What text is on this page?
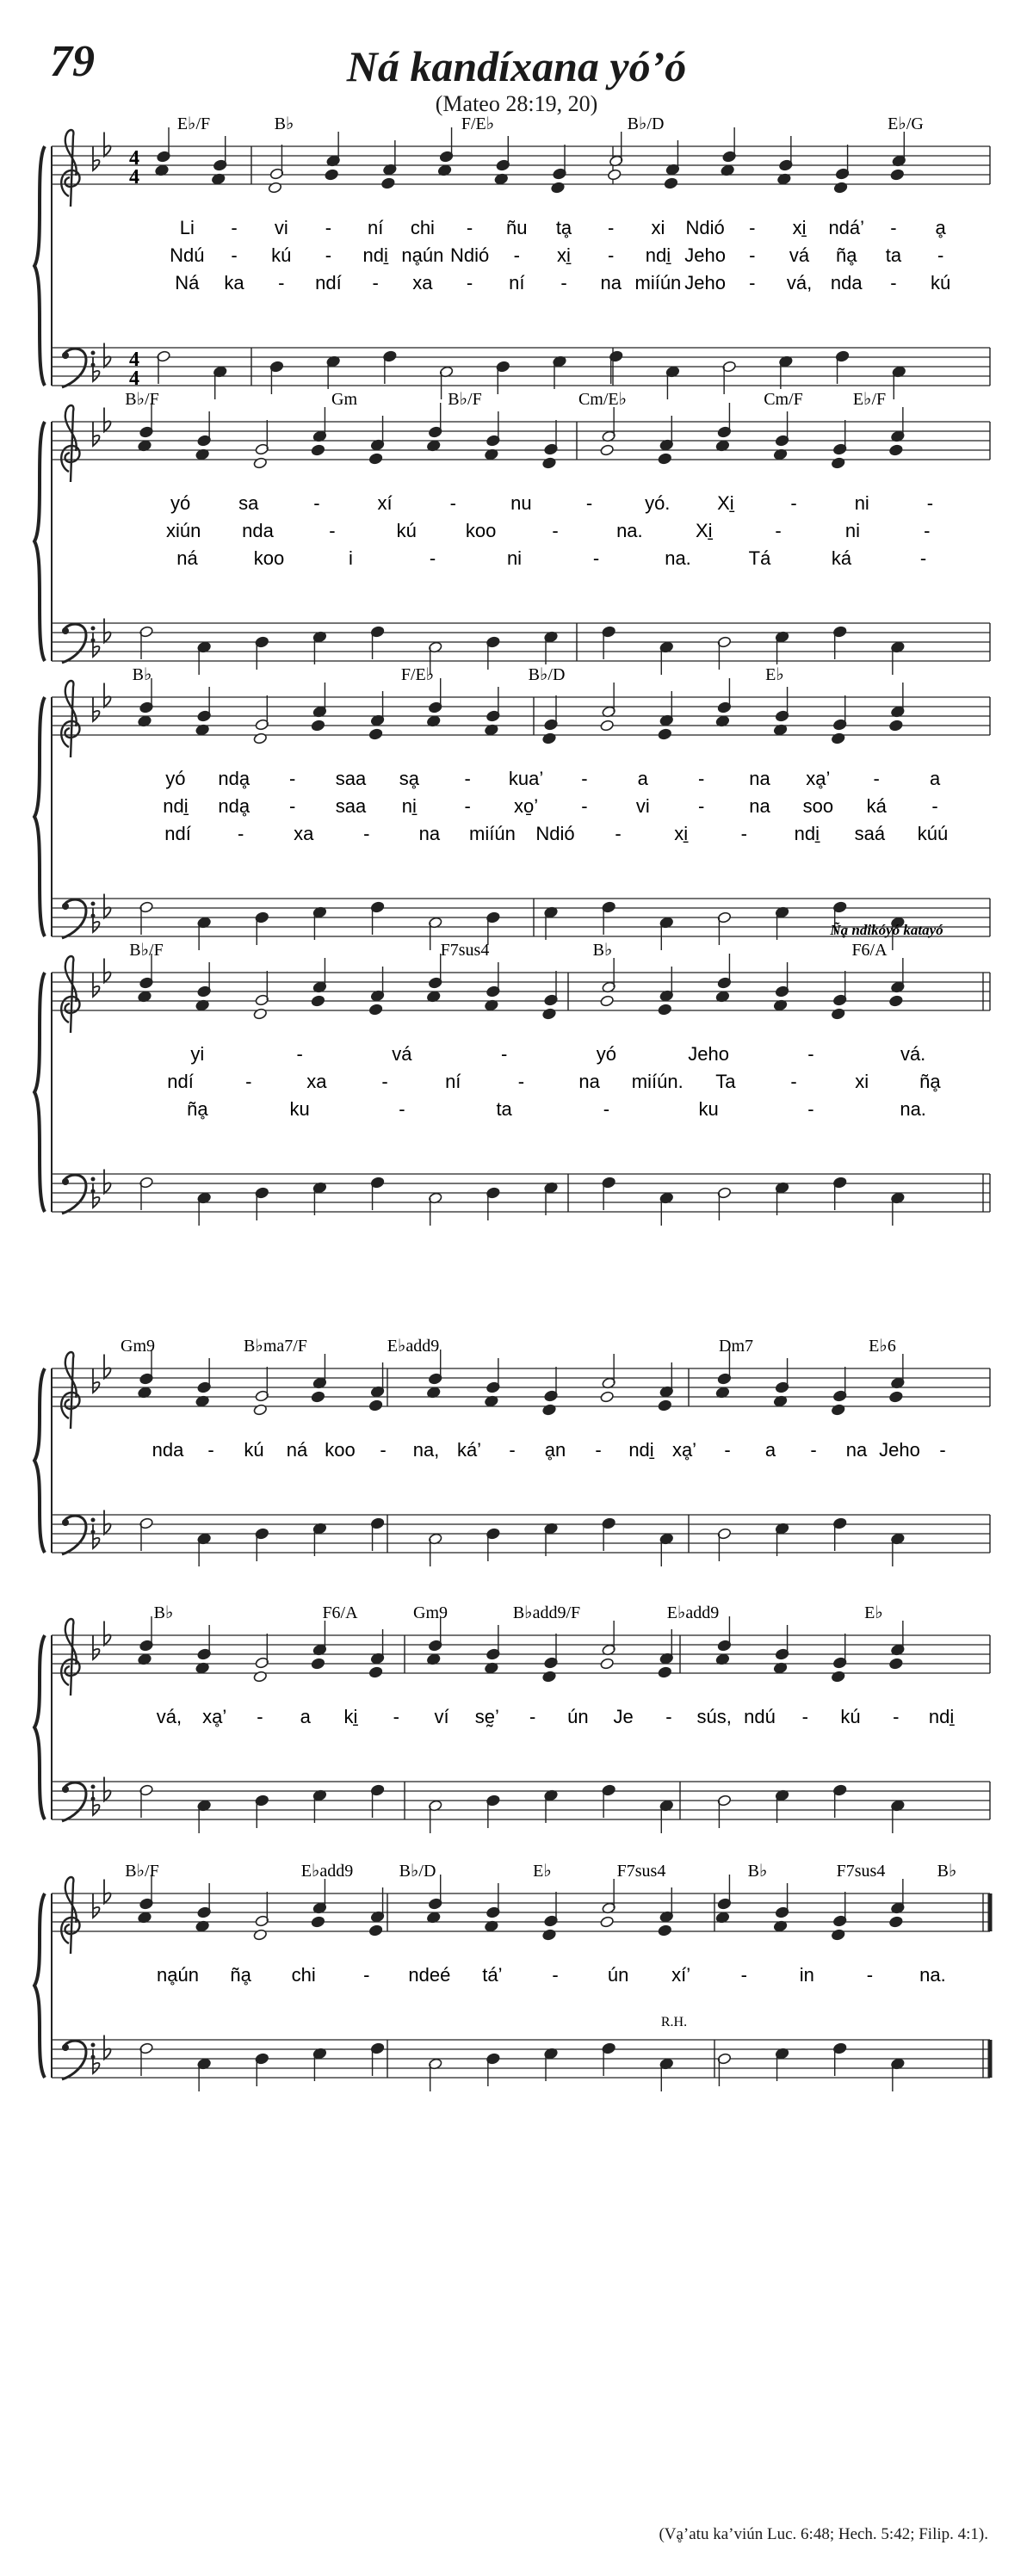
79	Ná kandíxana yó’ó
(Mateo 28:19, 20)
E♭/F	B♭	F/E♭	B♭/D	E♭/G
4
4
4
4
Li - vi - ní chi - ñu tḁ - xi Ndió - xi̱ ndá’ - ḁ
Ndú - kú - ndi̱ nḁún Ndió - xi̱ - ndi̱ Jeho - vá ñḁ ta -
Ná ka - ndí - xa - ní - na miíún Jeho - vá, nda - kú
B♭/F	Gm	B♭/F	Cm/E♭	Cm/F	E♭/F
yó	sa	-	xí	-	nu	-	yó. Xi̱	-	ni	-
xiún nda	-	kú	koo	-	na.	Xi̱	-	ni	-
ná	koo	i	-	ni	-	na.	Tá	ká	-
B♭	F/E♭	B♭/D	E♭
yó ndḁ - saa sḁ - kua’ -	a	- na xḁ’ -	a
ndi̱ ndḁ - saa ni̱	- xo̱’ -	vi	- na soo ká -
ndí -	xa	-	na miíún Ndió -	xi̱	- ndi̱ saá kúú
B♭/F	F7sus4	B♭	F6/A
yi	-	vá	-	yó	Jeho	-	vá.
ndí	-	xa	-	ní	-	na miíún. Ta	-	xi	ñḁ
ñḁ	ku	-	ta	-	ku	-	na.
Ñḁ ndikóyó katayó
Gm9	B♭ma7/F	E♭add9	Dm7	E♭6
nda - kú ná koo - na, ká’ - ḁn - ndi̱ xḁ’ - a - na Jeho -
B♭	F6/A	Gm9	B♭add9/F	E♭add9	E♭
vá, xḁ’ - a ki̱ - ví sḛ’ - ún Je - sús, ndú - kú - ndi̱
B♭/F	E♭add9	B♭/D	E♭	F7sus4	B♭	F7sus4	B♭
nḁún ñḁ chi	- ndeé tá’	-	ún xí’	-	in	- na.
R.H.
(Vḁ’atu ka’viún Luc. 6:48; Hech. 5:42; Filip. 4:1).
